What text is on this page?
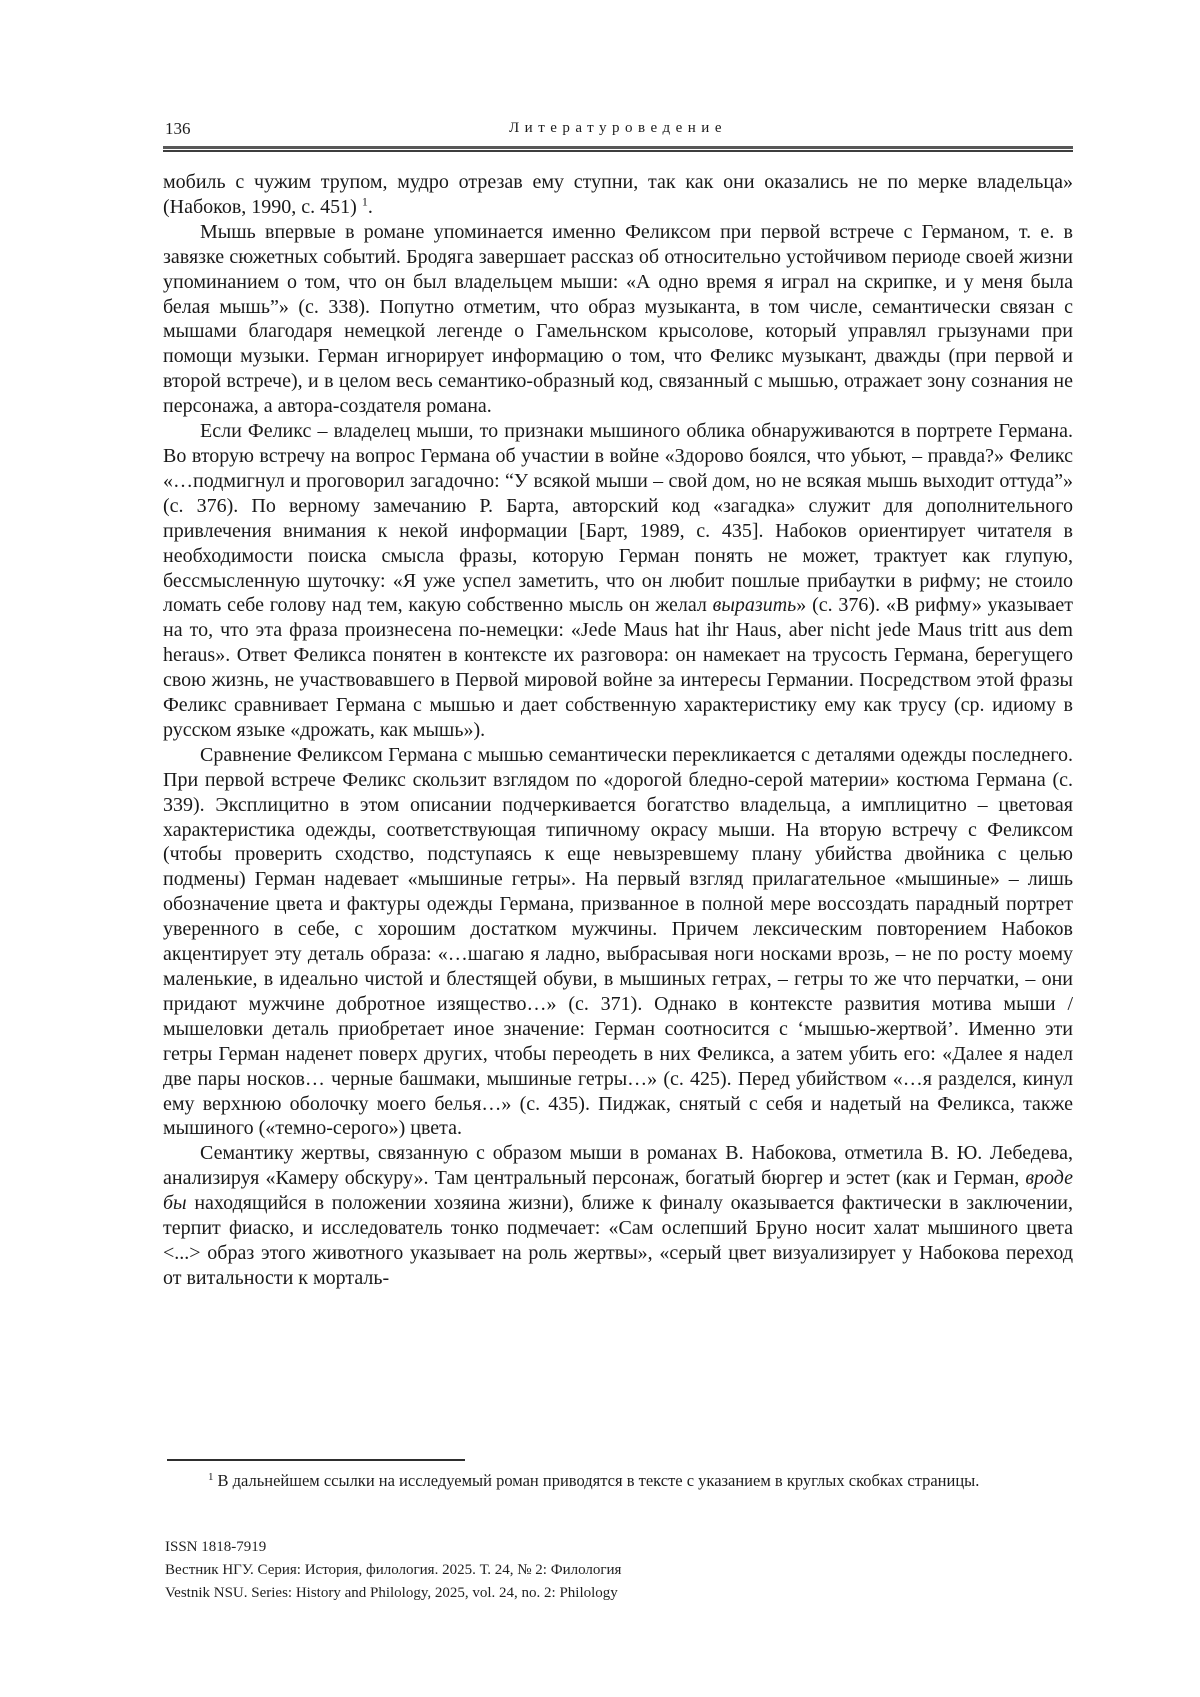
136	Литературоведение

мобиль с чужим трупом, мудро отрезав ему ступни, так как они оказались не по мерке владельца» (Набоков, 1990, с. 451) $^1$.

Мышь впервые в романе упоминается именно Феликсом при первой встрече с Германом, т. е. в завязке сюжетных событий. Бродяга завершает рассказ об относительно устойчивом периоде своей жизни упоминанием о том, что он был владельцем мыши: «А одно время я играл на скрипке, и у меня была белая мышь”» (с. 338). Попутно отметим, что образ музыканта, в том числе, семантически связан с мышами благодаря немецкой легенде о Гамельнском крысолове, который управлял грызунами при помощи музыки. Герман игнорирует информацию о том, что Феликс музыкант, дважды (при первой и второй встрече), и в целом весь семантико-образный код, связанный с мышью, отражает зону сознания не персонажа, а автора-создателя романа.

Если Феликс – владелец мыши, то признаки мышиного облика обнаруживаются в портрете Германа. Во вторую встречу на вопрос Германа об участии в войне «Здорово боялся, что убьют, – правда?» Феликс «…подмигнул и проговорил загадочно: “У всякой мыши – свой дом, но не всякая мышь выходит оттуда”» (с. 376). По верному замечанию Р. Барта, авторский код «загадка» служит для дополнительного привлечения внимания к некой информации [Барт, 1989, с. 435]. Набоков ориентирует читателя в необходимости поиска смысла фразы, которую Герман понять не может, трактует как глупую, бессмысленную шуточку: «Я уже успел заметить, что он любит пошлые прибаутки в рифму; не стоило ломать себе голову над тем, какую собственно мысль он желал выразить» (с. 376). «В рифму» указывает на то, что эта фраза произнесена по-немецки: «Jede Maus hat ihr Haus, aber nicht jede Maus tritt aus dem heraus». Ответ Феликса понятен в контексте их разговора: он намекает на трусость Германа, берегущего свою жизнь, не участвовавшего в Первой мировой войне за интересы Германии. Посредством этой фразы Феликс сравнивает Германа с мышью и дает собственную характеристику ему как трусу (ср. идиому в русском языке «дрожать, как мышь»).

Сравнение Феликсом Германа с мышью семантически перекликается с деталями одежды последнего. При первой встрече Феликс скользит взглядом по «дорогой бледно-серой материи» костюма Германа (с. 339). Эксплицитно в этом описании подчеркивается богатство владельца, а имплицитно – цветовая характеристика одежды, соответствующая типичному окрасу мыши. На вторую встречу с Феликсом (чтобы проверить сходство, подступаясь к еще невызревшему плану убийства двойника с целью подмены) Герман надевает «мышиные гетры». На первый взгляд прилагательное «мышиные» – лишь обозначение цвета и фактуры одежды Германа, призванное в полной мере воссоздать парадный портрет уверенного в себе, с хорошим достатком мужчины. Причем лексическим повторением Набоков акцентирует эту деталь образа: «…шагаю я ладно, выбрасывая ноги носками врозь, – не по росту моему маленькие, в идеально чистой и блестящей обуви, в мышиных гетрах, – гетры то же что перчатки, – они придают мужчине добротное изящество…» (с. 371). Однако в контексте развития мотива мыши / мышеловки деталь приобретает иное значение: Герман соотносится с ‘мышью-жертвой’. Именно эти гетры Герман наденет поверх других, чтобы переодеть в них Феликса, а затем убить его: «Далее я надел две пары носков… черные башмаки, мышиные гетры…» (с. 425). Перед убийством «…я разделся, кинул ему верхнюю оболочку моего белья…» (с. 435). Пиджак, снятый с себя и надетый на Феликса, также мышиного («темно-серого») цвета.

Семантику жертвы, связанную с образом мыши в романах В. Набокова, отметила В. Ю. Лебедева, анализируя «Камеру обскуру». Там центральный персонаж, богатый бюргер и эстет (как и Герман, вроде бы находящийся в положении хозяина жизни), ближе к финалу оказывается фактически в заключении, терпит фиаско, и исследователь тонко подмечает: «Сам ослепший Бруно носит халат мышиного цвета <...> образ этого животного указывает на роль жертвы», «серый цвет визуализирует у Набокова переход от витальности к морталь-

$^1$ В дальнейшем ссылки на исследуемый роман приводятся в тексте с указанием в круглых скобках страницы.
ISSN 1818-7919
Вестник НГУ. Серия: История, филология. 2025. Т. 24, № 2: Филология
Vestnik NSU. Series: History and Philology, 2025, vol. 24, no. 2: Philology
